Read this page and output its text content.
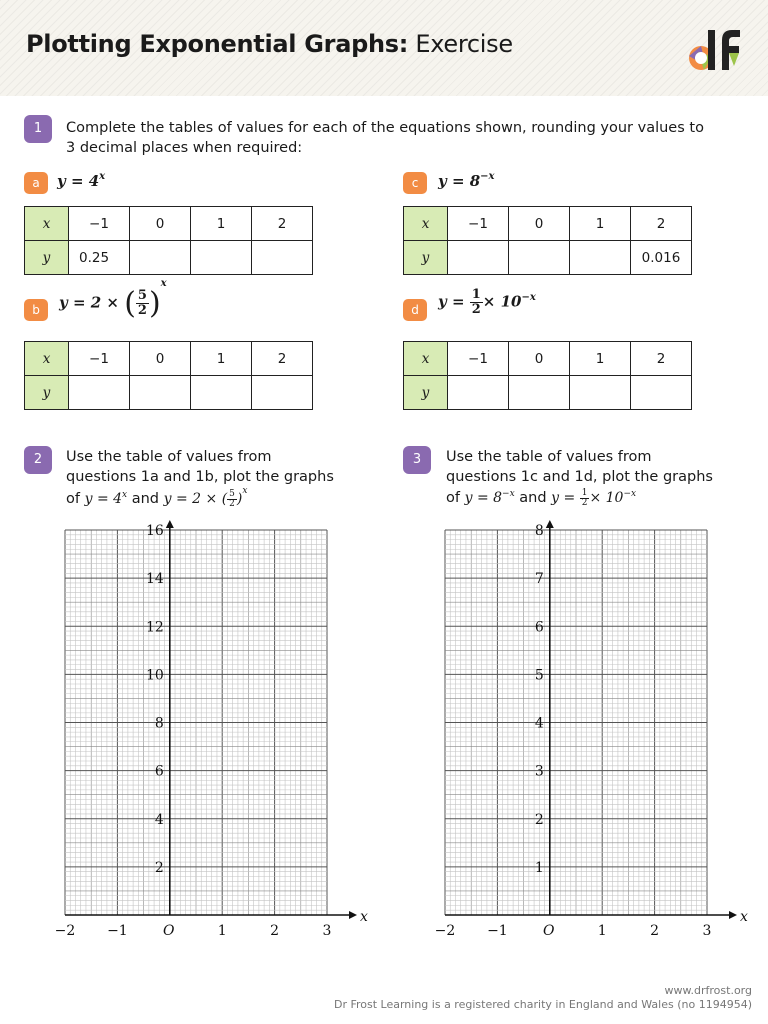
Plotting Exponential Graphs: Exercise
1	Complete the tables of values for each of the equations shown, rounding your values to 3 decimal places when required:
a	$y = 4^x$
x	−1	0	1	2
y	0.25			
c	$y = 8^{-x}$
x	−1	0	1	2
y				0.016
b	y = 2 × ( $\frac{5}{2} )^x$
x	−1	0	1	2
y				
d	$y = \frac{1}{2} \times 10^{-x}$
x	−1	0	1	2
y				
2	Use the table of values from
questions 1a and 1b, plot the graphs
of $y = 4^x$ and y = 2 × ( $\frac{5}{2} )^x$
3	Use the table of values from
questions 1c and 1d, plot the graphs
of $y = 8^{-x}$ and $y = \frac{1}{2} \times 10^{-x}$
x
−2 −1	O	1	2	3
2
4
6
8
10
12
14
16
x
−2 −1	O	1	2	3
1
2
3
4
5
6
7
8
www.drfrost.org
Dr Frost Learning is a registered charity in England and Wales (no 1194954)
